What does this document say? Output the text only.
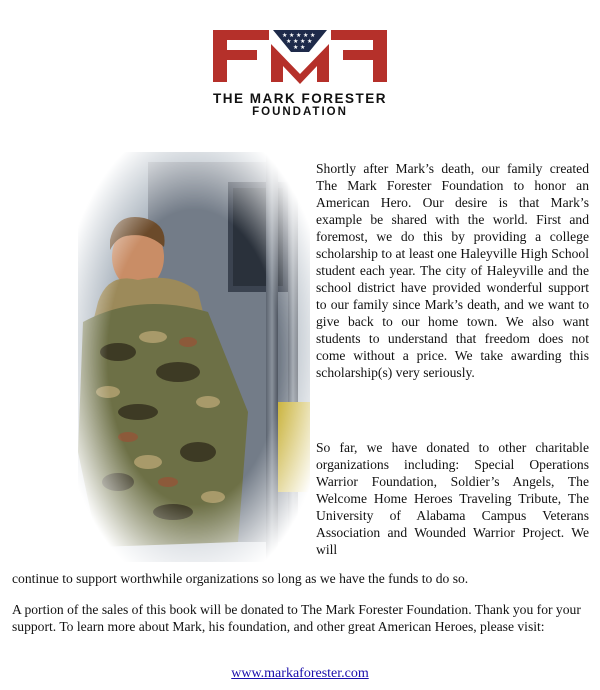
★ ★ ★ ★ ★
★ ★ ★ ★
★ ★
THE MARK FORESTER
FOUNDATION

Shortly after Mark’s death, our family created The Mark Forester Foundation to honor an American Hero. Our desire is that Mark’s example be shared with the world. First and foremost, we do this by providing a college scholarship to at least one Haleyville High School student each year. The city of Haleyville and the school district have provided wonderful support to our family since Mark’s death, and we want to give back to our home town. We also want students to understand that freedom does not come without a price. We take awarding this scholarship(s) very seriously.

So far, we have donated to other charitable organizations including: Special Operations Warrior Foundation, Soldier’s Angels, The Welcome Home Heroes Traveling Tribute, The University of Alabama Campus Veterans Association and Wounded Warrior Project. We will

continue to support worthwhile organizations so long as we have the funds to do so.

A portion of the sales of this book will be donated to The Mark Forester Foundation. Thank you for your support. To learn more about Mark, his foundation, and other great American Heroes, please visit:

www.markaforester.com
